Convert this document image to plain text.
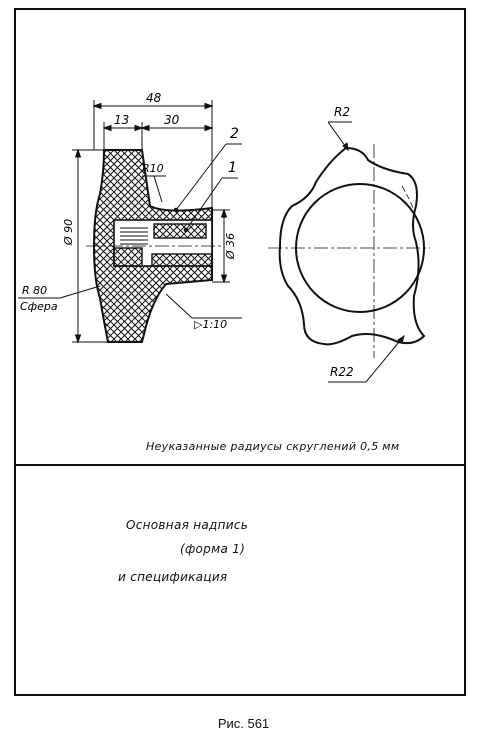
48
13	30
Ø 90
Ø 36
R10
2
1
R 80
Сфера
▷1:10
R2
R22
Неуказанные радиусы скруглений 0,5 мм
Основная надпись
(форма 1)
и спецификация
Рис. 561
